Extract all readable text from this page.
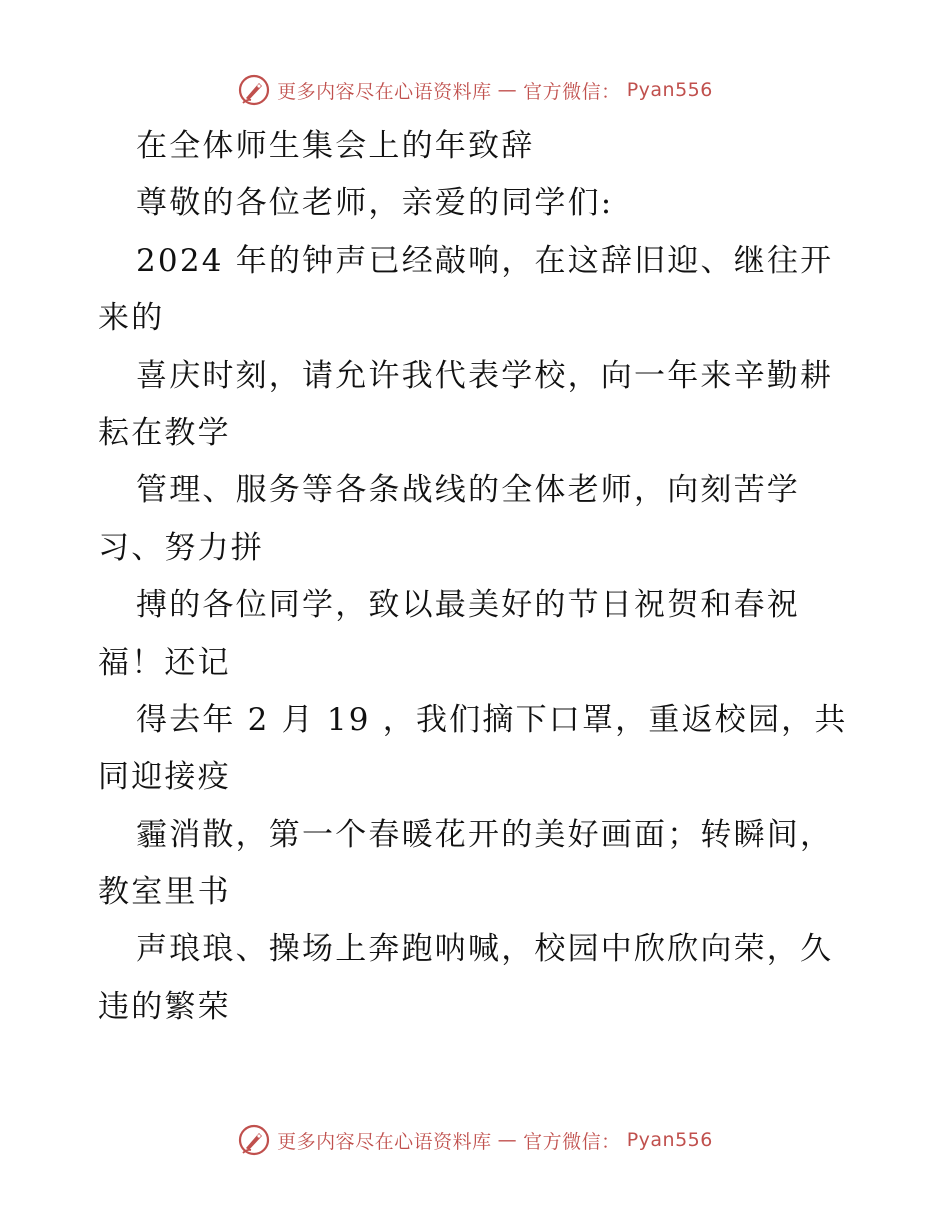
更多内容尽在心语资料库 — 官方微信： Pyan556
在全体师生集会上的年致辞
尊敬的各位老师，亲爱的同学们:
2024 年的钟声已经敲响，在这辞旧迎、继往开
来的
喜庆时刻，请允许我代表学校，向一年来辛勤耕
耘在教学
管理、服务等各条战线的全体老师，向刻苦学
习、努力拼
搏的各位同学，致以最美好的节日祝贺和春祝
福！还记
得去年 2 月 19 ，我们摘下口罩，重返校园，共
同迎接疫
霾消散，第一个春暖花开的美好画面；转瞬间，
教室里书
声琅琅、操场上奔跑呐喊，校园中欣欣向荣，久
违的繁荣
更多内容尽在心语资料库 — 官方微信： Pyan556
